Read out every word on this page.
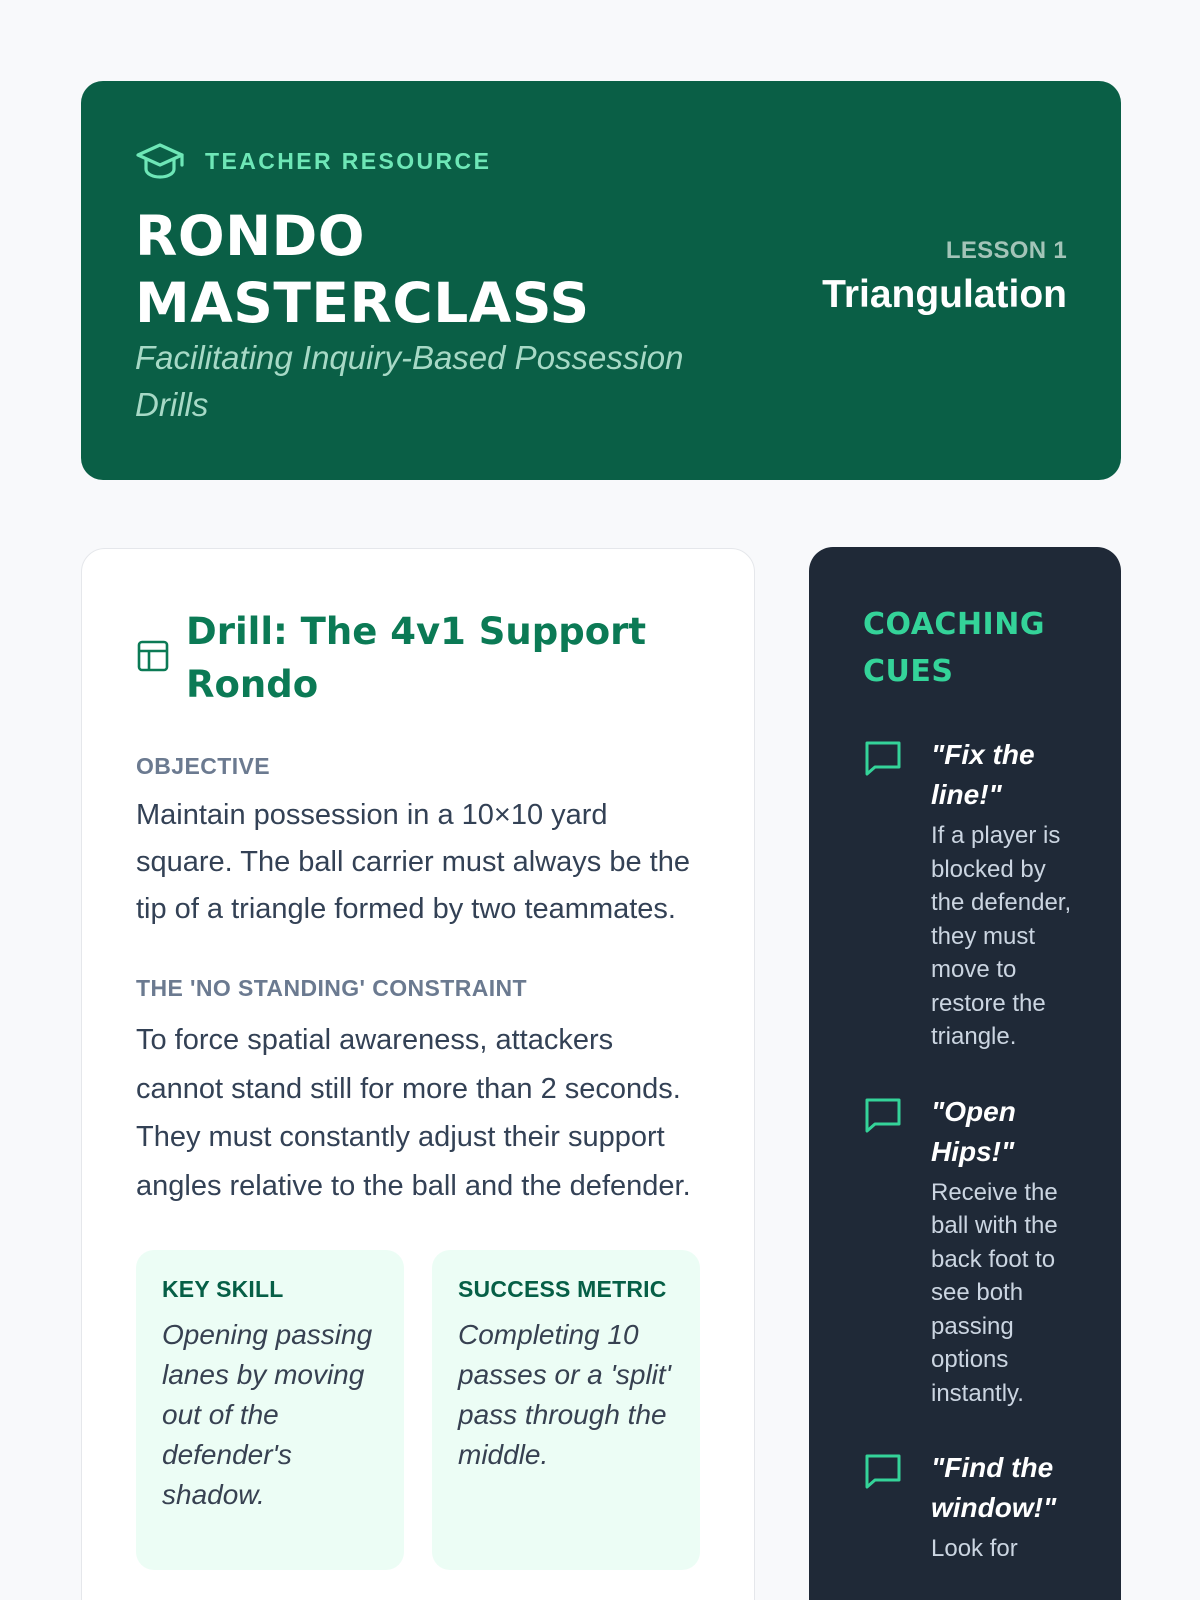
TEACHER RESOURCE
RONDO MASTERCLASS

Facilitating Inquiry-Based Possession Drills

LESSON 1
Triangulation
Drill: The 4v1 Support Rondo
OBJECTIVE

Maintain possession in a 10×10 yard square. The ball carrier must always be the tip of a triangle formed by two teammates.

THE 'NO STANDING' CONSTRAINT

To force spatial awareness, attackers cannot stand still for more than 2 seconds. They must constantly adjust their support angles relative to the ball and the defender.

KEY SKILL

Opening passing lanes by moving out of the defender's shadow.

SUCCESS METRIC

Completing 10 passes or a 'split' pass through the middle.

COACHING CUES
"Fix the line!"

If a player is blocked by the defender, they must move to restore the triangle.

"Open Hips!"

Receive the ball with the back foot to see both passing options instantly.

"Find the window!"

Look for
